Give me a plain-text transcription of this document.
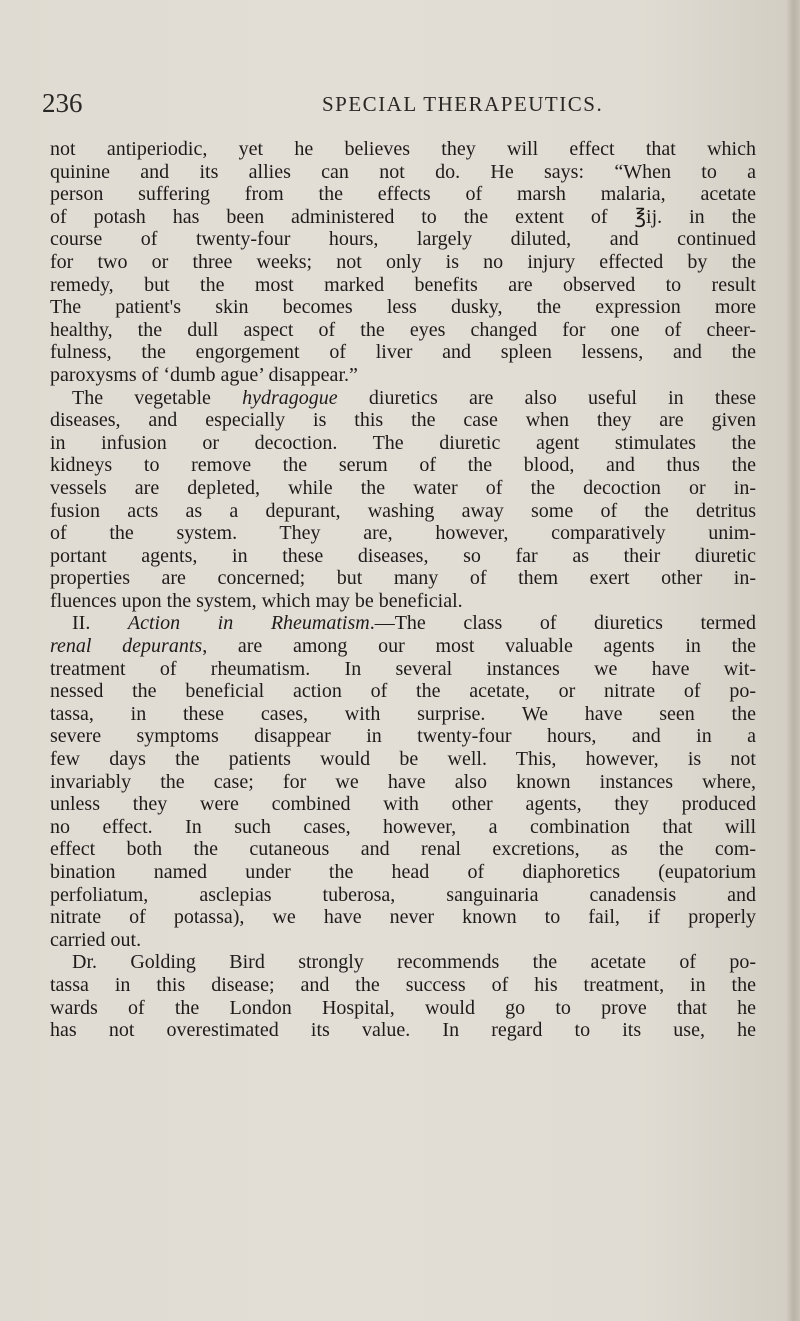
236	SPECIAL THERAPEUTICS.
not antiperiodic, yet he believes they will effect that which
quinine and its allies can not do. He says: “When to a
person suffering from the effects of marsh malaria, acetate
of potash has been administered to the extent of ℥ij. in the
course of twenty-four hours, largely diluted, and continued
for two or three weeks; not only is no injury effected by the
remedy, but the most marked benefits are observed to result
The patient's skin becomes less dusky, the expression more
healthy, the dull aspect of the eyes changed for one of cheer-
fulness, the engorgement of liver and spleen lessens, and the
paroxysms of ‘dumb ague’ disappear.”
The vegetable hydragogue diuretics are also useful in these
diseases, and especially is this the case when they are given
in infusion or decoction. The diuretic agent stimulates the
kidneys to remove the serum of the blood, and thus the
vessels are depleted, while the water of the decoction or in-
fusion acts as a depurant, washing away some of the detritus
of the system. They are, however, comparatively unim-
portant agents, in these diseases, so far as their diuretic
properties are concerned; but many of them exert other in-
fluences upon the system, which may be beneficial.
II. Action in Rheumatism.—The class of diuretics termed
renal depurants, are among our most valuable agents in the
treatment of rheumatism. In several instances we have wit-
nessed the beneficial action of the acetate, or nitrate of po-
tassa, in these cases, with surprise. We have seen the
severe symptoms disappear in twenty-four hours, and in a
few days the patients would be well. This, however, is not
invariably the case; for we have also known instances where,
unless they were combined with other agents, they produced
no effect. In such cases, however, a combination that will
effect both the cutaneous and renal excretions, as the com-
bination named under the head of diaphoretics (eupatorium
perfoliatum, asclepias tuberosa, sanguinaria canadensis and
nitrate of potassa), we have never known to fail, if properly
carried out.
Dr. Golding Bird strongly recommends the acetate of po-
tassa in this disease; and the success of his treatment, in the
wards of the London Hospital, would go to prove that he
has not overestimated its value. In regard to its use, he
